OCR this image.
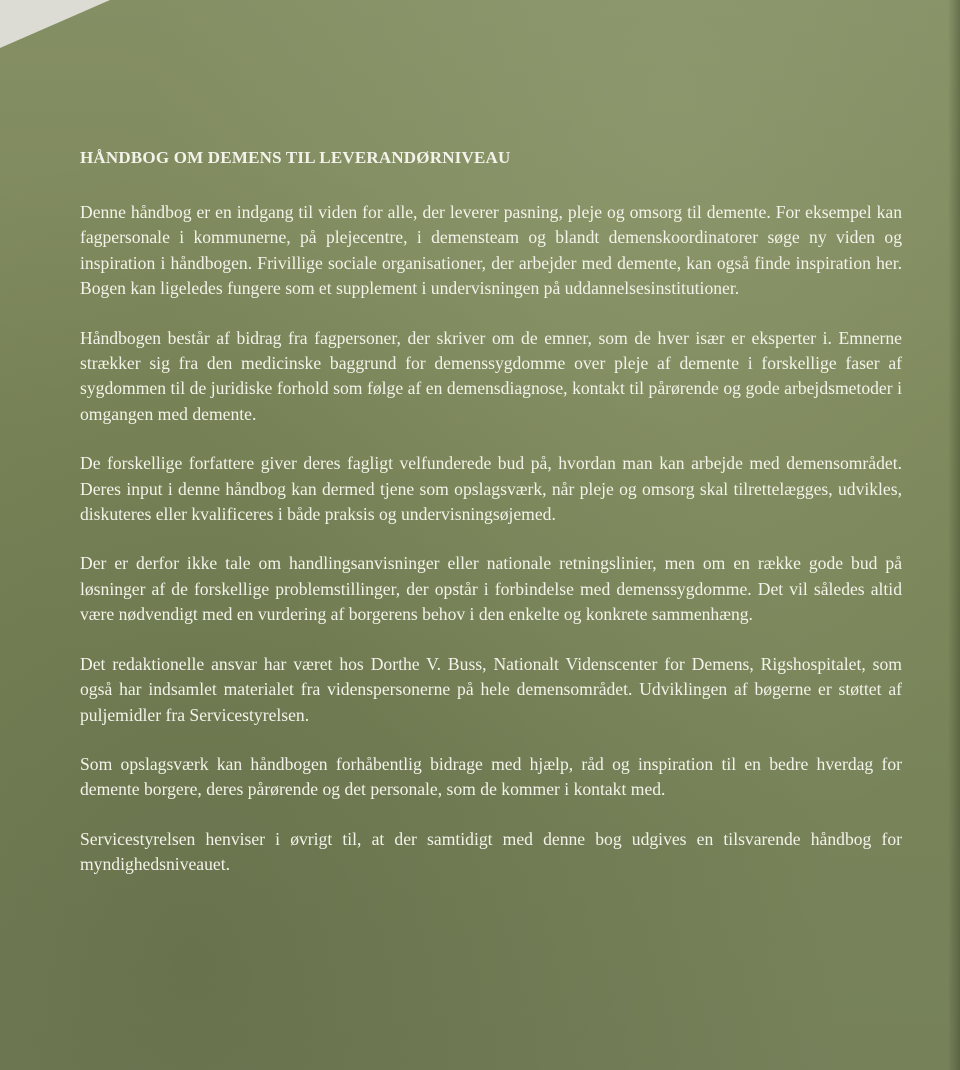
HÅNDBOG OM DEMENS TIL LEVERANDØRNIVEAU

Denne håndbog er en indgang til viden for alle, der leverer pasning, pleje og omsorg til demente. For eksempel kan fagpersonale i kommunerne, på plejecentre, i demensteam og blandt demenskoordinatorer søge ny viden og inspiration i håndbogen. Frivillige sociale organisationer, der arbejder med demente, kan også finde inspiration her. Bogen kan ligeledes fungere som et supplement i undervisningen på uddannelsesinstitutioner.

Håndbogen består af bidrag fra fagpersoner, der skriver om de emner, som de hver især er eksperter i. Emnerne strækker sig fra den medicinske baggrund for demenssygdomme over pleje af demente i forskellige faser af sygdommen til de juridiske forhold som følge af en demensdiagnose, kontakt til pårørende og gode arbejdsmetoder i omgangen med demente.

De forskellige forfattere giver deres fagligt velfunderede bud på, hvordan man kan arbejde med demensområdet. Deres input i denne håndbog kan dermed tjene som opslagsværk, når pleje og omsorg skal tilrettelægges, udvikles, diskuteres eller kvalificeres i både praksis og undervisningsøjemed.

Der er derfor ikke tale om handlingsanvisninger eller nationale retningslinier, men om en række gode bud på løsninger af de forskellige problemstillinger, der opstår i forbindelse med demenssygdomme. Det vil således altid være nødvendigt med en vurdering af borgerens behov i den enkelte og konkrete sammenhæng.

Det redaktionelle ansvar har været hos Dorthe V. Buss, Nationalt Videnscenter for Demens, Rigshospitalet, som også har indsamlet materialet fra videnspersonerne på hele demensområdet. Udviklingen af bøgerne er støttet af puljemidler fra Servicestyrelsen.

Som opslagsværk kan håndbogen forhåbentlig bidrage med hjælp, råd og inspiration til en bedre hverdag for demente borgere, deres pårørende og det personale, som de kommer i kontakt med.

Servicestyrelsen henviser i øvrigt til, at der samtidigt med denne bog udgives en tilsvarende håndbog for myndighedsniveauet.
